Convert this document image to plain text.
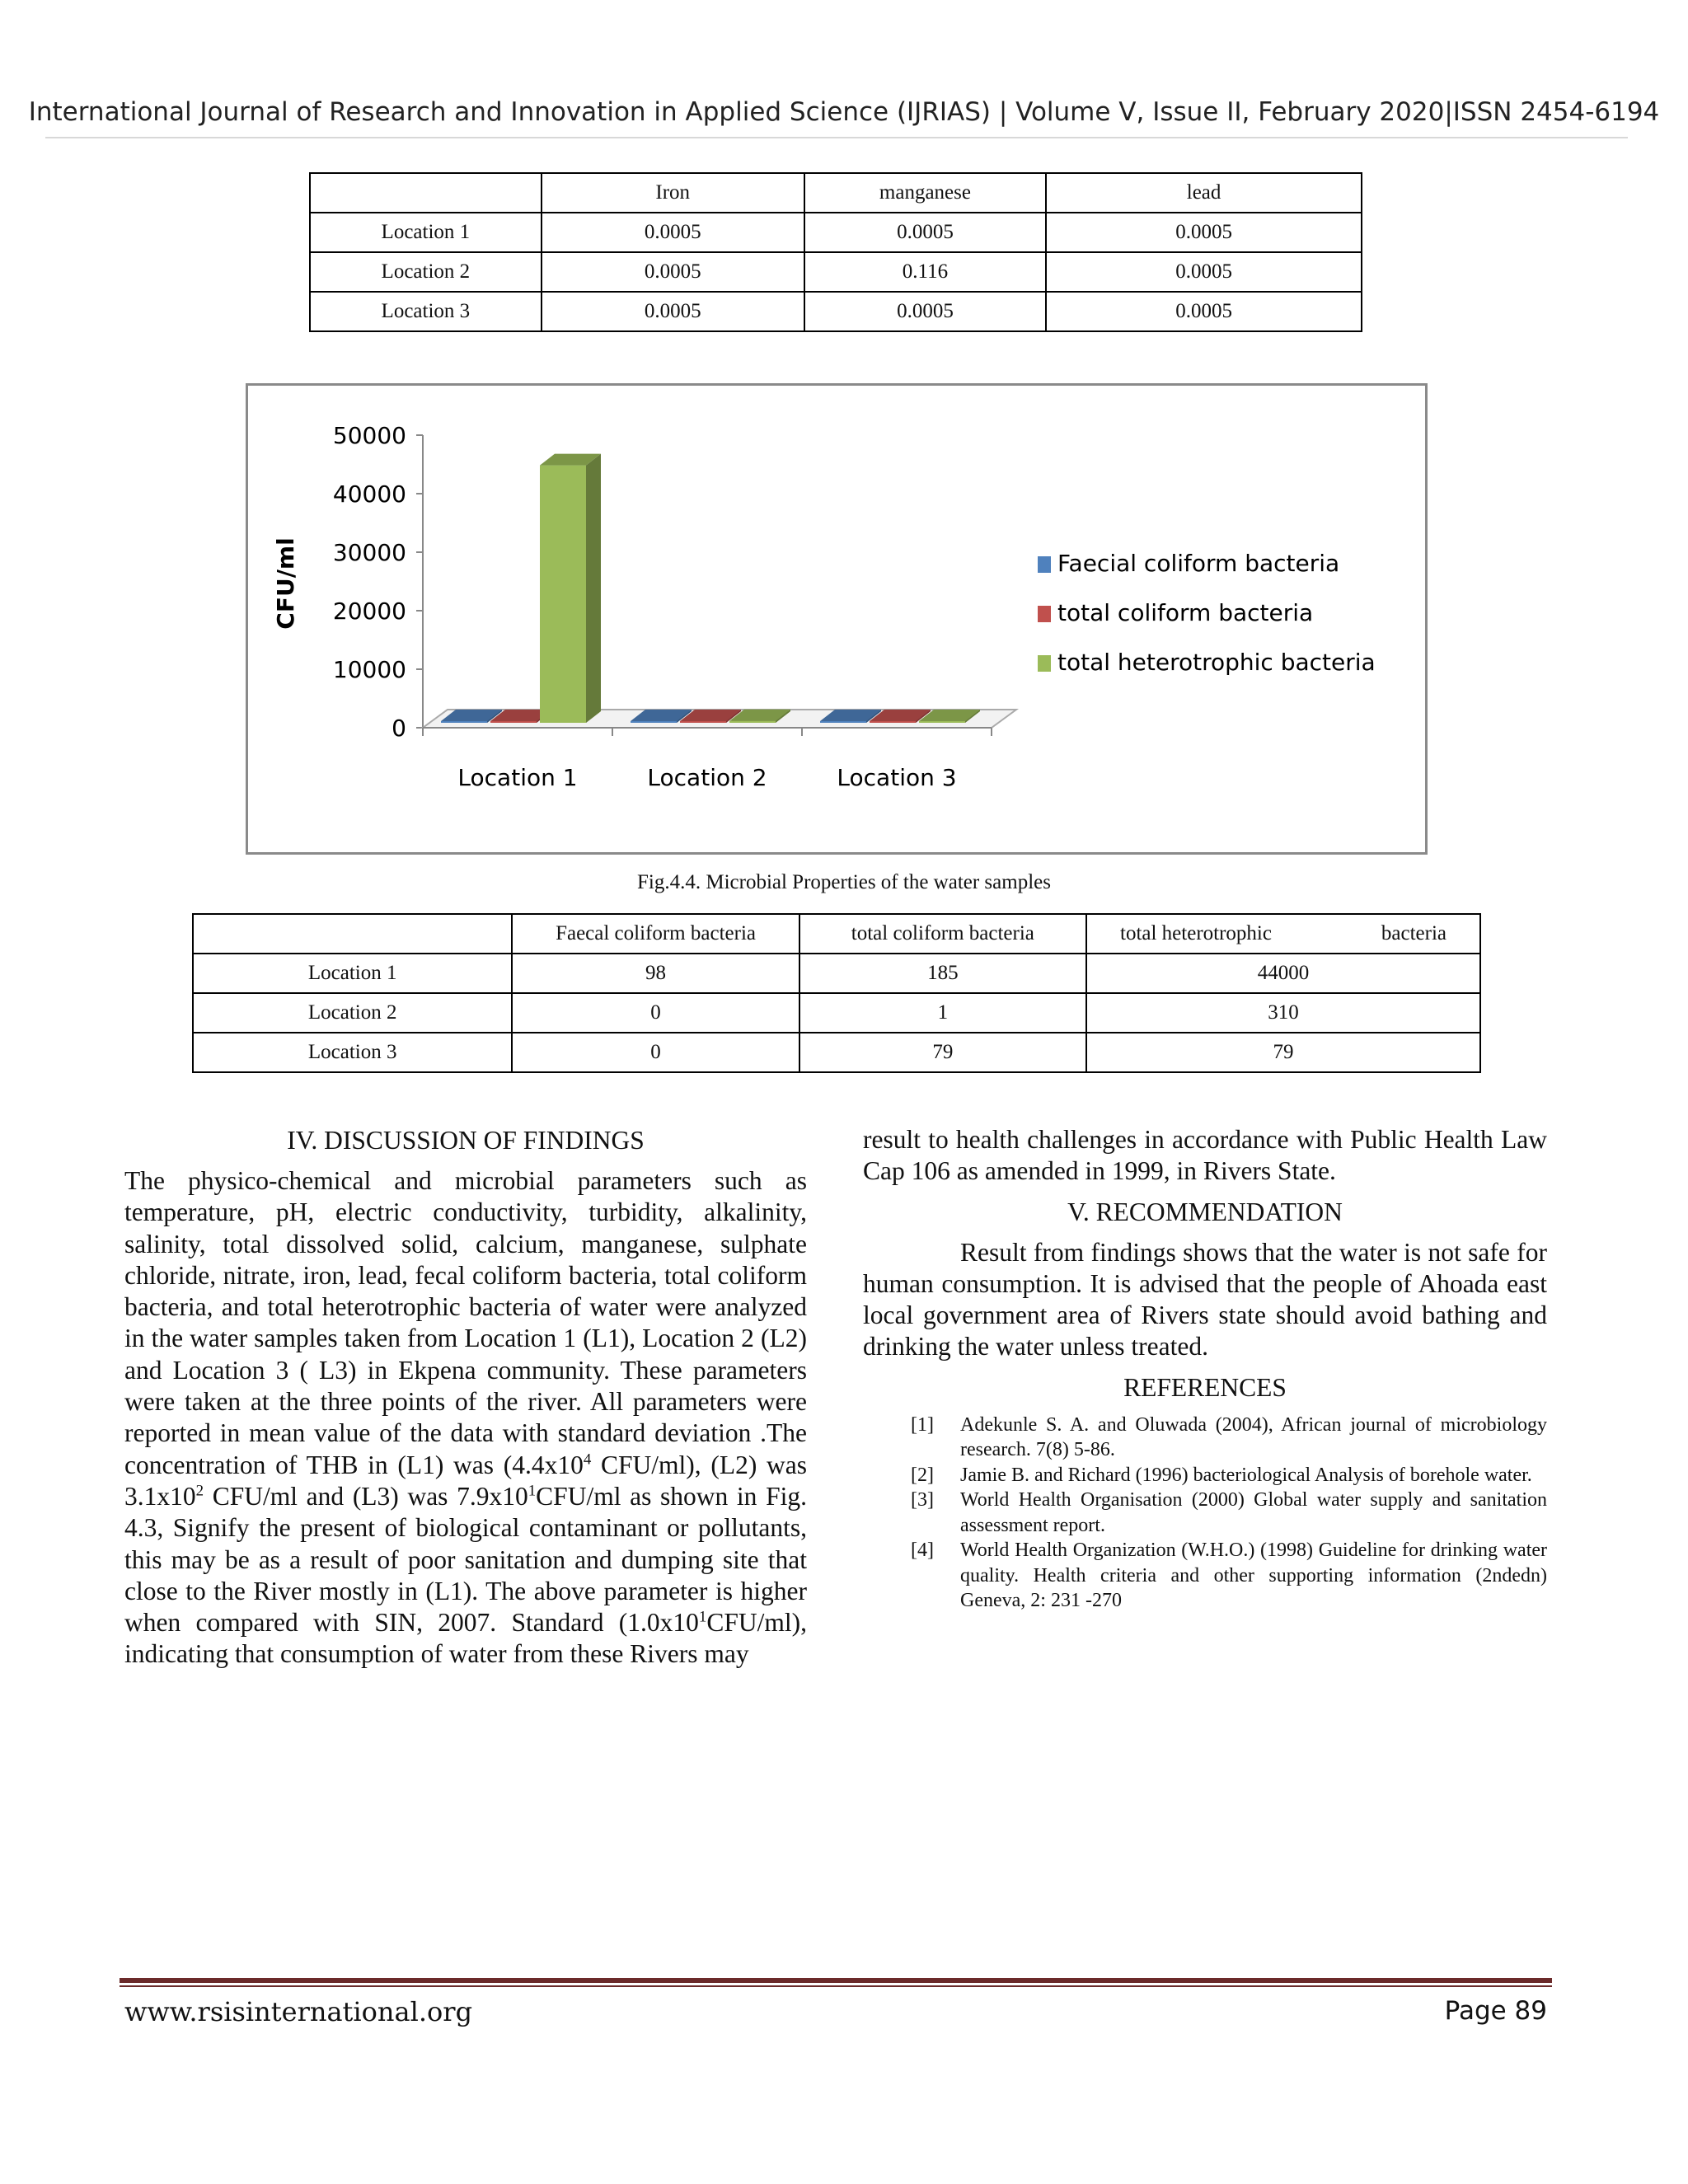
International Journal of Research and Innovation in Applied Science (IJRIAS) | Volume V, Issue II, February 2020|ISSN 2454-6194
	Iron	manganese	lead
Location 1	0.0005	0.0005	0.0005
Location 2	0.0005	0.116	0.0005
Location 3	0.0005	0.0005	0.0005
0
10000
20000
30000
40000
50000
Location 1	Location 2	Location 3
CFU/ml	Faecial coliform bacteria
total coliform bacteria
total heterotrophic bacteria
Fig.4.4. Microbial Properties of the water samples
	Faecal coliform bacteria	total coliform bacteria	total heterotrophic bacteria

Location 1	98	185	44000
Location 2	0	1	310
Location 3	0	79	79
IV. DISCUSSION OF FINDINGS

The physico-chemical and microbial parameters such as temperature, pH, electric conductivity, turbidity, alkalinity, salinity, total dissolved solid, calcium, manganese, sulphate chloride, nitrate, iron, lead, fecal coliform bacteria, total coliform bacteria, and total heterotrophic bacteria of water were analyzed in the water samples taken from Location 1 (L1), Location 2 (L2) and Location 3 ( L3) in Ekpena community. These parameters were taken at the three points of the river. All parameters were reported in mean value of the data with standard deviation .The concentration of THB in (L1) was ($4.4x10^4$ CFU/ml), (L2) was $3.1x10^2$ CFU/ml and (L3) was $7.9x10^1CFU/ml$ as shown in Fig. 4.3, Signify the present of biological contaminant or pollutants, this may be as a result of poor sanitation and dumping site that close to the River mostly in (L1). The above parameter is higher when compared with SIN, 2007. Standard $(1.0x10^1CFU/ml)$, indicating that consumption of water from these Rivers may

result to health challenges in accordance with Public Health Law Cap 106 as amended in 1999, in Rivers State.

V. RECOMMENDATION

Result from findings shows that the water is not safe for human consumption. It is advised that the people of Ahoada east local government area of Rivers state should avoid bathing and drinking the water unless treated.

REFERENCES
[1]	Adekunle S. A. and Oluwada (2004), African journal of microbiology research. 7(8) 5-86.
[2]	Jamie B. and Richard (1996) bacteriological Analysis of borehole water.
[3]	World Health Organisation (2000) Global water supply and sanitation assessment report.
[4]	World Health Organization (W.H.O.) (1998) Guideline for drinking water quality. Health criteria and other supporting information (2ndedn) Geneva, 2: 231 -270
www.rsisinternational.org	Page 89
